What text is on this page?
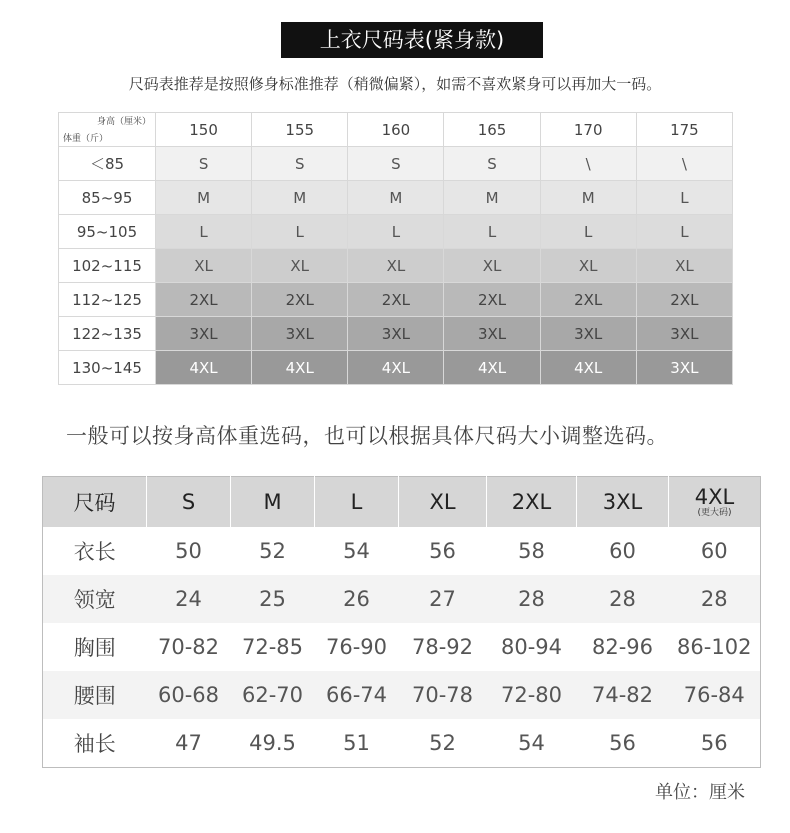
上衣尺码表(紧身款)
尺码表推荐是按照修身标准推荐（稍微偏紧），如需不喜欢紧身可以再加大一码。
身高（厘米）
体重（斤）	150	155	160	165	170	175
＜85	S	S	S	S	\	\
85~95	M	M	M	M	M	L
95~105	L	L	L	L	L	L
102~115	XL	XL	XL	XL	XL	XL
112~125	2XL	2XL	2XL	2XL	2XL	2XL
122~135	3XL	3XL	3XL	3XL	3XL	3XL
130~145	4XL	4XL	4XL	4XL	4XL	3XL
一般可以按身高体重选码，也可以根据具体尺码大小调整选码。
尺码	S	M	L	XL	2XL	3XL	4XL
(更大码)

衣长	50	52	54	56	58	60	60
领宽	24	25	26	27	28	28	28
胸围	70-82	72-85	76-90	78-92	80-94	82-96	86-102
腰围	60-68	62-70	66-74	70-78	72-80	74-82	76-84
袖长	47	49.5	51	52	54	56	56
单位：厘米
